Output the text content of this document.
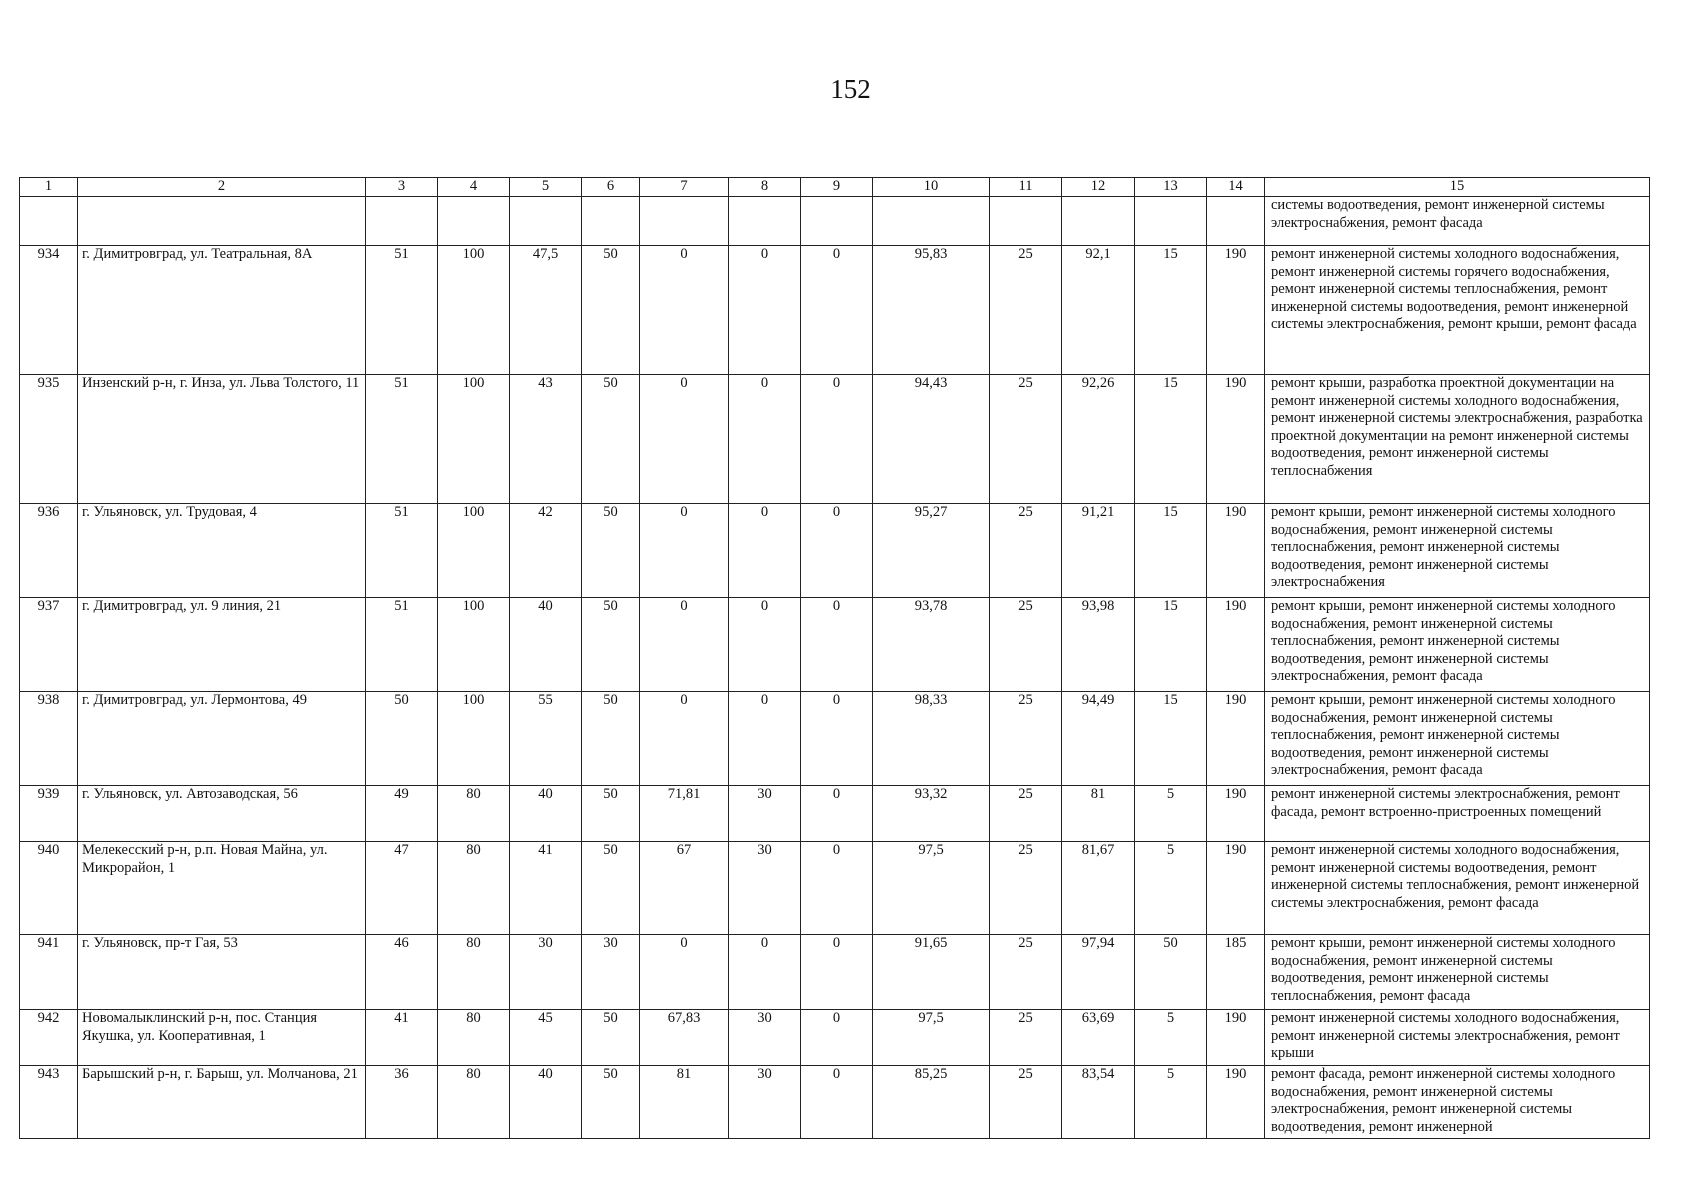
152
1	2	3	4	5	6	7	8	9	10	11	12	13	14	15
														системы водоотведения, ремонт инженерной системы электроснабжения, ремонт фасада
934	г. Димитровград, ул. Театральная, 8А	51	100	47,5	50	0	0	0	95,83	25	92,1	15	190	ремонт инженерной системы холодного водоснабжения, ремонт инженерной системы горячего водоснабжения, ремонт инженерной системы теплоснабжения, ремонт инженерной системы водоотведения, ремонт инженерной системы электроснабжения, ремонт крыши, ремонт фасада
935	Инзенский р-н, г. Инза, ул. Льва Толстого, 11	51	100	43	50	0	0	0	94,43	25	92,26	15	190	ремонт крыши, разработка проектной документации на ремонт инженерной системы холодного водоснабжения, ремонт инженерной системы электроснабжения, разработка проектной документации на ремонт инженерной системы водоотведения, ремонт инженерной системы теплоснабжения
936	г. Ульяновск, ул. Трудовая, 4	51	100	42	50	0	0	0	95,27	25	91,21	15	190	ремонт крыши, ремонт инженерной системы холодного водоснабжения, ремонт инженерной системы теплоснабжения, ремонт инженерной системы водоотведения, ремонт инженерной системы электроснабжения
937	г. Димитровград, ул. 9 линия, 21	51	100	40	50	0	0	0	93,78	25	93,98	15	190	ремонт крыши, ремонт инженерной системы холодного водоснабжения, ремонт инженерной системы теплоснабжения, ремонт инженерной системы водоотведения, ремонт инженерной системы электроснабжения, ремонт фасада
938	г. Димитровград, ул. Лермонтова, 49	50	100	55	50	0	0	0	98,33	25	94,49	15	190	ремонт крыши, ремонт инженерной системы холодного водоснабжения, ремонт инженерной системы теплоснабжения, ремонт инженерной системы водоотведения, ремонт инженерной системы электроснабжения, ремонт фасада
939	г. Ульяновск, ул. Автозаводская, 56	49	80	40	50	71,81	30	0	93,32	25	81	5	190	ремонт инженерной системы электроснабжения, ремонт фасада, ремонт встроенно-пристроенных помещений
940	Мелекесский р-н, р.п. Новая Майна, ул. Микрорайон, 1	47	80	41	50	67	30	0	97,5	25	81,67	5	190	ремонт инженерной системы холодного водоснабжения, ремонт инженерной системы водоотведения, ремонт инженерной системы теплоснабжения, ремонт инженерной системы электроснабжения, ремонт фасада
941	г. Ульяновск, пр-т Гая, 53	46	80	30	30	0	0	0	91,65	25	97,94	50	185	ремонт крыши, ремонт инженерной системы холодного водоснабжения, ремонт инженерной системы водоотведения, ремонт инженерной системы теплоснабжения, ремонт фасада
942	Новомалыклинский р-н, пос. Станция Якушка, ул. Кооперативная, 1	41	80	45	50	67,83	30	0	97,5	25	63,69	5	190	ремонт инженерной системы холодного водоснабжения, ремонт инженерной системы электроснабжения, ремонт крыши
943	Барышский р-н, г. Барыш, ул. Молчанова, 21	36	80	40	50	81	30	0	85,25	25	83,54	5	190	ремонт фасада, ремонт инженерной системы холодного водоснабжения, ремонт инженерной системы электроснабжения, ремонт инженерной системы водоотведения, ремонт инженерной
